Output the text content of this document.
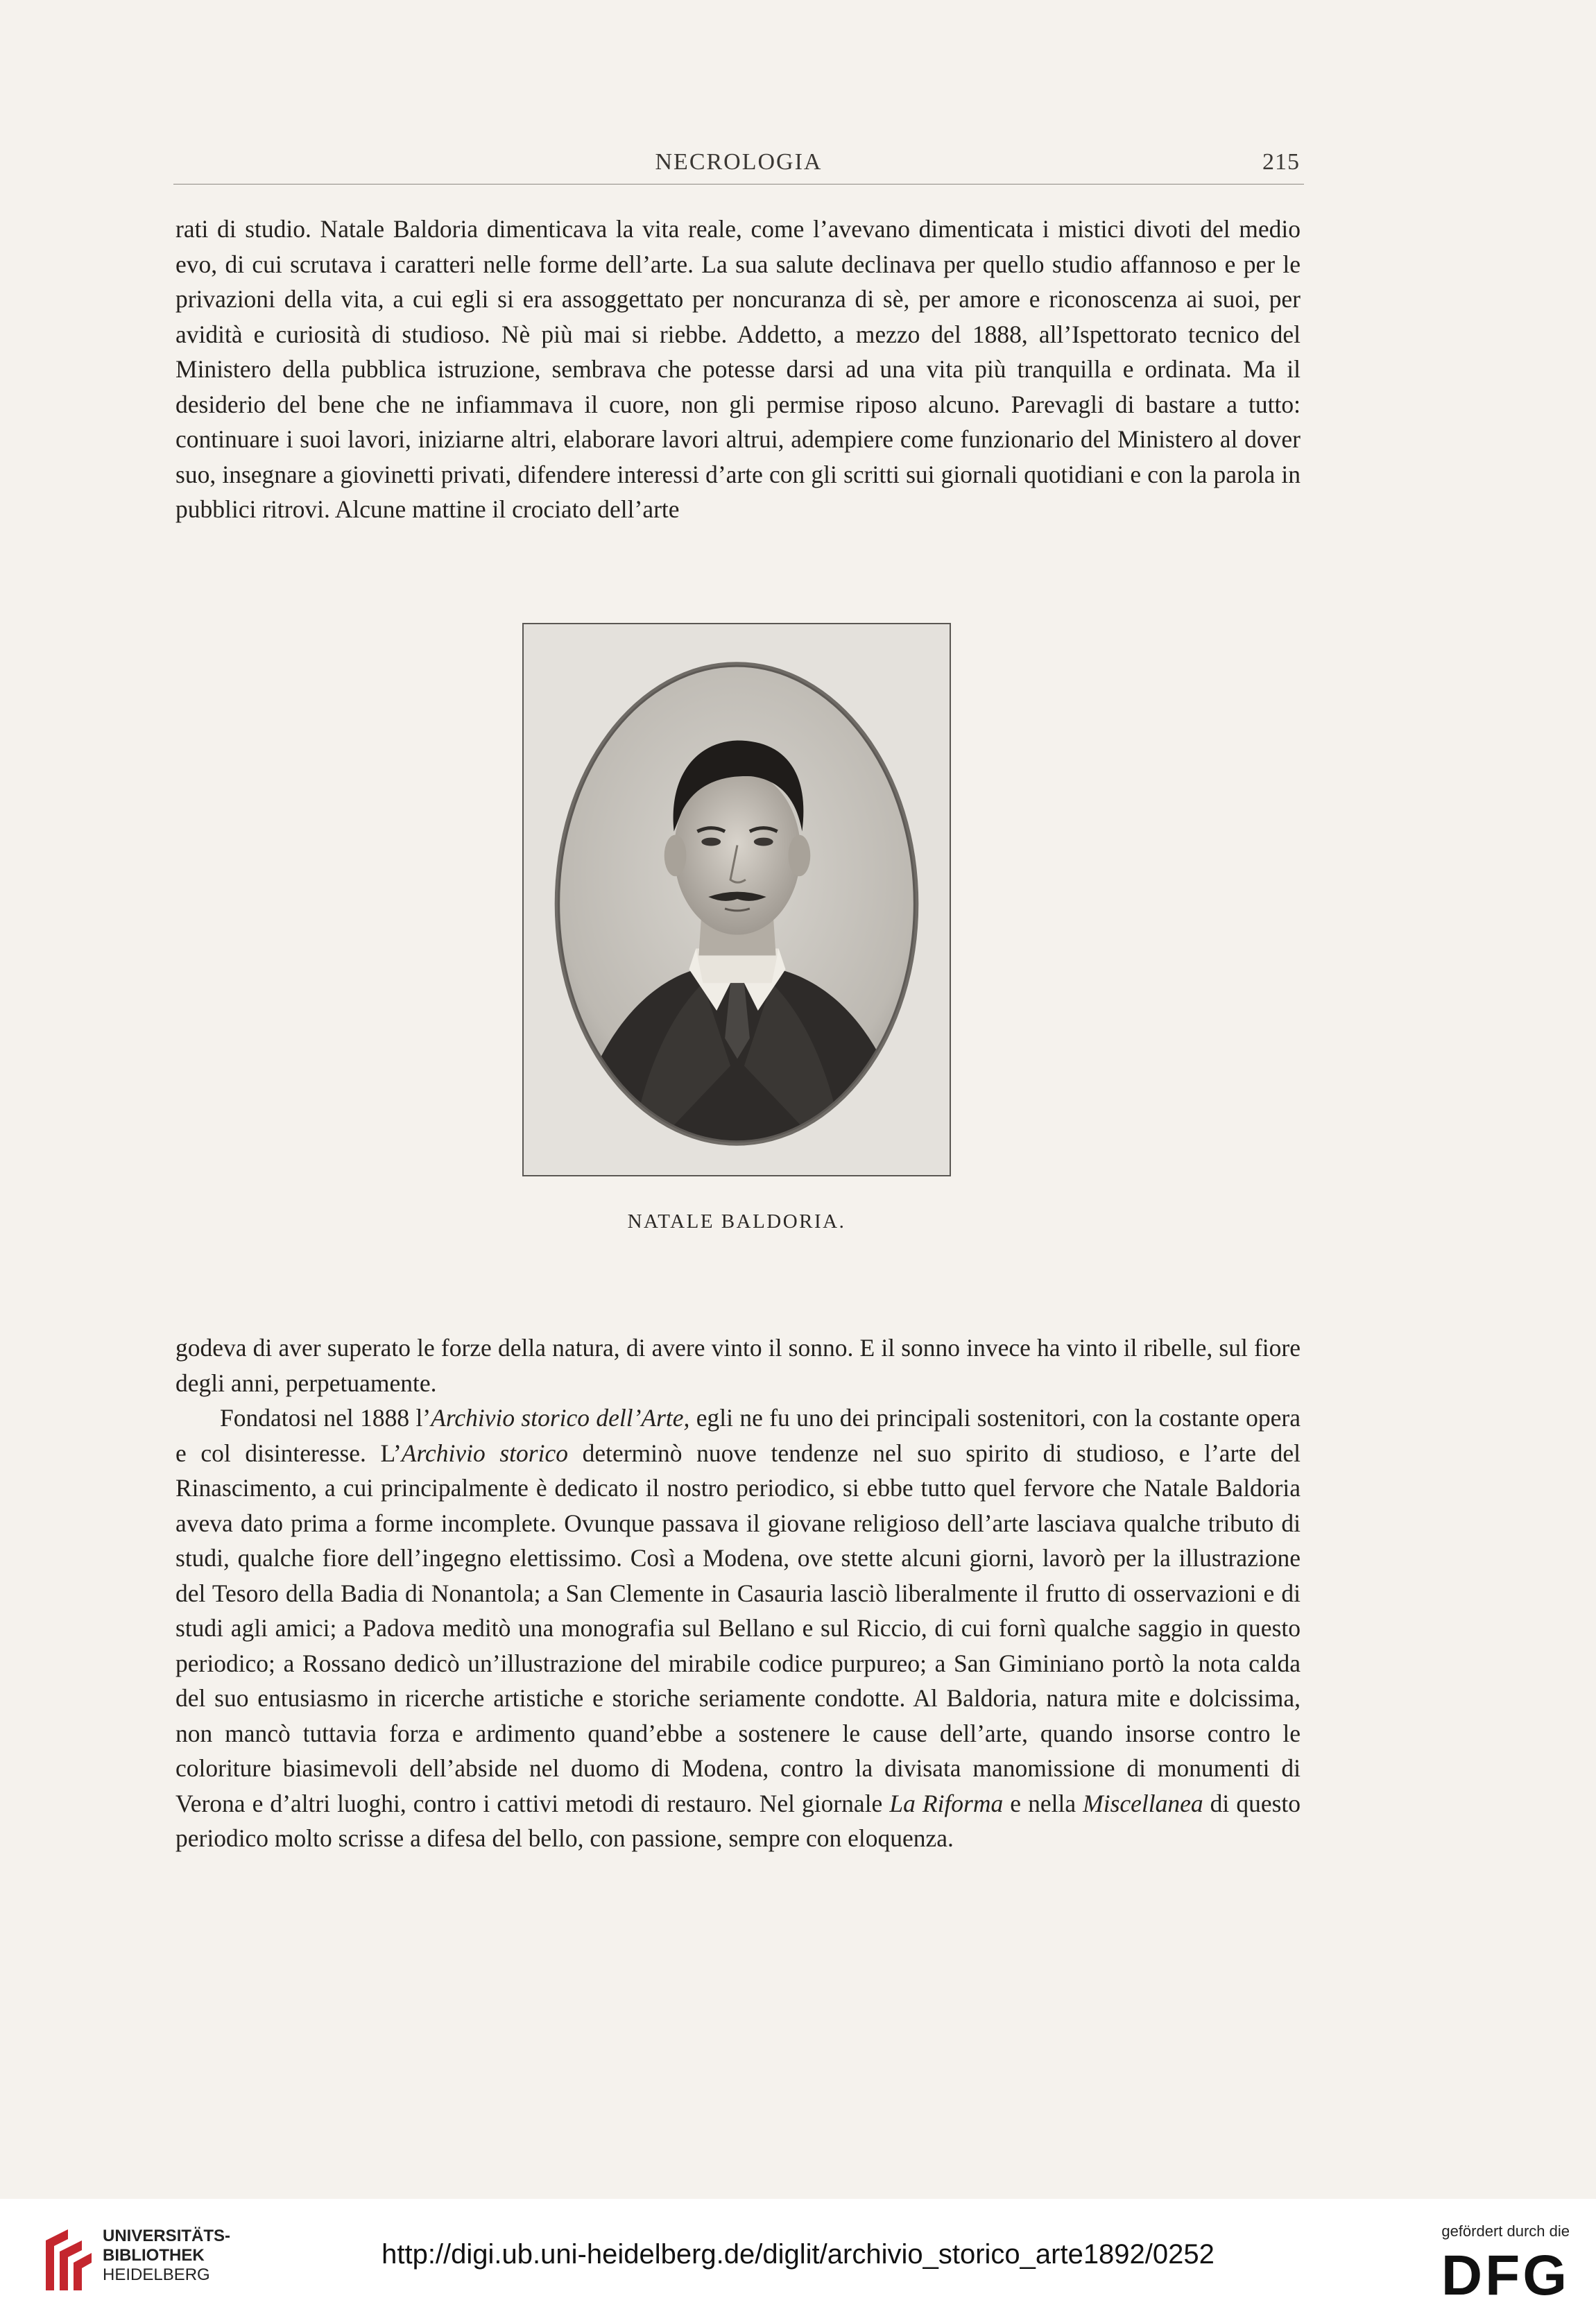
NECROLOGIA	215

rati di studio. Natale Baldoria dimenticava la vita reale, come l’avevano dimenticata i mistici divoti del medio evo, di cui scrutava i caratteri nelle forme dell’arte. La sua salute declinava per quello studio affannoso e per le privazioni della vita, a cui egli si era assoggettato per noncuranza di sè, per amore e riconoscenza ai suoi, per avidità e curiosità di studioso. Nè più mai si riebbe. Addetto, a mezzo del 1888, all’Ispettorato tecnico del Ministero della pubblica istruzione, sembrava che potesse darsi ad una vita più tranquilla e ordinata. Ma il desiderio del bene che ne infiammava il cuore, non gli permise riposo alcuno. Parevagli di bastare a tutto: continuare i suoi lavori, iniziarne altri, elaborare lavori altrui, adempiere come funzionario del Ministero al dover suo, insegnare a giovinetti privati, difendere interessi d’arte con gli scritti sui giornali quotidiani e con la parola in pubblici ritrovi. Alcune mattine il crociato dell’arte

NATALE BALDORIA.

godeva di aver superato le forze della natura, di avere vinto il sonno. E il sonno invece ha vinto il ribelle, sul fiore degli anni, perpetuamente.

Fondatosi nel 1888 l’Archivio storico dell’Arte, egli ne fu uno dei principali sostenitori, con la costante opera e col disinteresse. L’Archivio storico determinò nuove tendenze nel suo spirito di studioso, e l’arte del Rinascimento, a cui principalmente è dedicato il nostro periodico, si ebbe tutto quel fervore che Natale Baldoria aveva dato prima a forme incomplete. Ovunque passava il giovane religioso dell’arte lasciava qualche tributo di studi, qualche fiore dell’ingegno elettissimo. Così a Modena, ove stette alcuni giorni, lavorò per la illustrazione del Tesoro della Badia di Nonantola; a San Clemente in Casauria lasciò liberalmente il frutto di osservazioni e di studi agli amici; a Padova meditò una monografia sul Bellano e sul Riccio, di cui fornì qualche saggio in questo periodico; a Rossano dedicò un’illustrazione del mirabile codice purpureo; a San Giminiano portò la nota calda del suo entusiasmo in ricerche artistiche e storiche seriamente condotte. Al Baldoria, natura mite e dolcissima, non mancò tuttavia forza e ardimento quand’ebbe a sostenere le cause dell’arte, quando insorse contro le coloriture biasimevoli dell’abside nel duomo di Modena, contro la divisata manomissione di monumenti di Verona e d’altri luoghi, contro i cattivi metodi di restauro. Nel giornale La Riforma e nella Miscellanea di questo periodico molto scrisse a difesa del bello, con passione, sempre con eloquenza.

UNIVERSITÄTS-
BIBLIOTHEK
HEIDELBERG
http://digi.ub.uni-heidelberg.de/diglit/archivio_storico_arte1892/0252
gefördert durch die
DFG
